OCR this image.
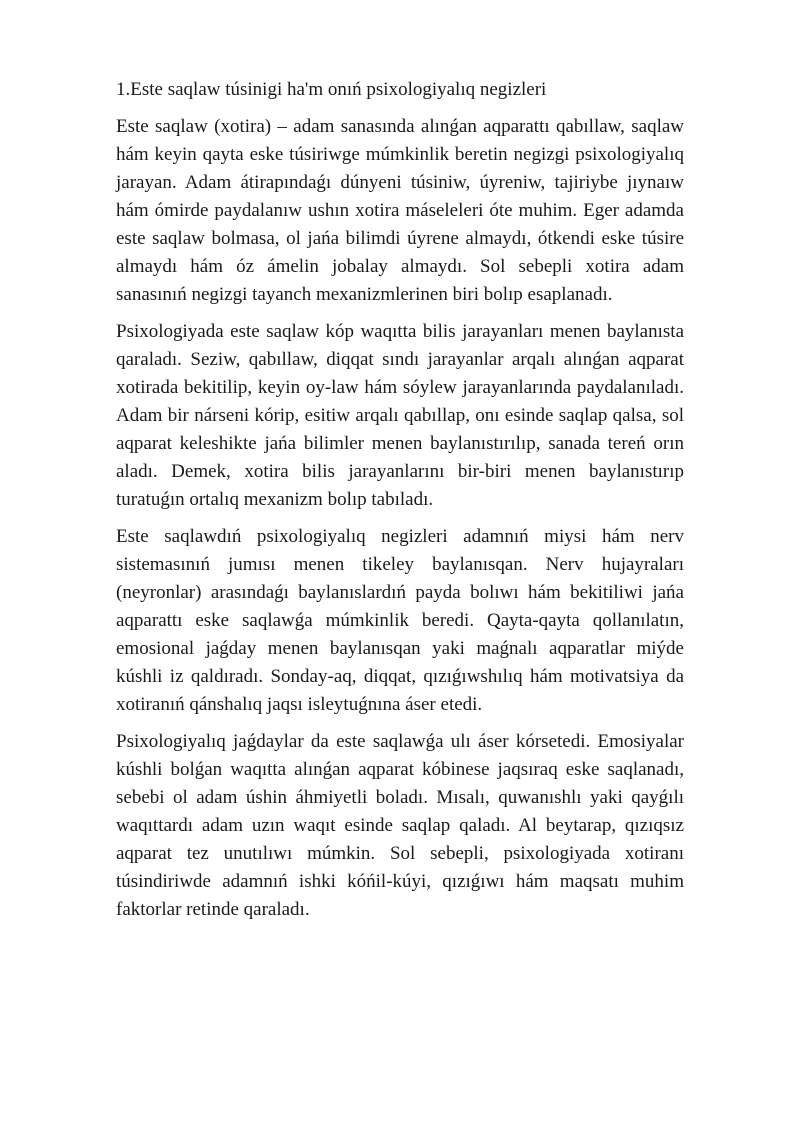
1.Este saqlaw túsinigi ha'm onıń psixologiyalıq negizleri

Este saqlaw (xotira) – adam sanasında alınǵan aqparattı qabıllaw, saqlaw hám keyin qayta eske túsiriwge múmkinlik beretin negizgi psixologiyalıq jarayan. Adam átirapındaǵı dúnyeni túsiniw, úyreniw, tajiriybe jıynaıw hám ómirde paydalanıw ushın xotira máseleleri óte muhim. Eger adamda este saqlaw bolmasa, ol jańa bilimdi úyrene almaydı, ótkendi eske túsire almaydı hám óz ámelin jobalay almaydı. Sol sebepli xotira adam sanasınıń negizgi tayanch mexanizmlerinen biri bolıp esaplanadı.

Psixologiyada este saqlaw kóp waqıtta bilis jarayanları menen baylanısta qaraladı. Seziw, qabıllaw, diqqat sındı jarayanlar arqalı alınǵan aqparat xotirada bekitilip, keyin oy-law hám sóylew jarayanlarında paydalanıladı. Adam bir nárseni kórip, esitiw arqalı qabıllap, onı esinde saqlap qalsa, sol aqparat keleshikte jańa bilimler menen baylanıstırılıp, sanada tereń orın aladı. Demek, xotira bilis jarayanlarını bir-biri menen baylanıstırıp turatuǵın ortalıq mexanizm bolıp tabıladı.

Este saqlawdıń psixologiyalıq negizleri adamnıń miysi hám nerv sistemasınıń jumısı menen tikeley baylanısqan. Nerv hujayraları (neyronlar) arasındaǵı baylanıslardıń payda bolıwı hám bekitiliwi jańa aqparattı eske saqlawǵa múmkinlik beredi. Qayta-qayta qollanılatın, emosional jaǵday menen baylanısqan yaki maǵnalı aqparatlar miýde kúshli iz qaldıradı. Sonday-aq, diqqat, qızıǵıwshılıq hám motivatsiya da xotiranıń qánshalıq jaqsı isleytuǵnına áser etedi.

Psixologiyalıq jaǵdaylar da este saqlawǵa ulı áser kórsetedi. Emosiyalar kúshli bolǵan waqıtta alınǵan aqparat kóbinese jaqsıraq eske saqlanadı, sebebi ol adam úshin áhmiyetli boladı. Mısalı, quwanıshlı yaki qayǵılı waqıttardı adam uzın waqıt esinde saqlap qaladı. Al beytarap, qızıqsız aqparat tez unutılıwı múmkin. Sol sebepli, psixologiyada xotiranı túsindiriwde adamnıń ishki kóńil-kúyi, qızıǵıwı hám maqsatı muhim faktorlar retinde qaraladı.
